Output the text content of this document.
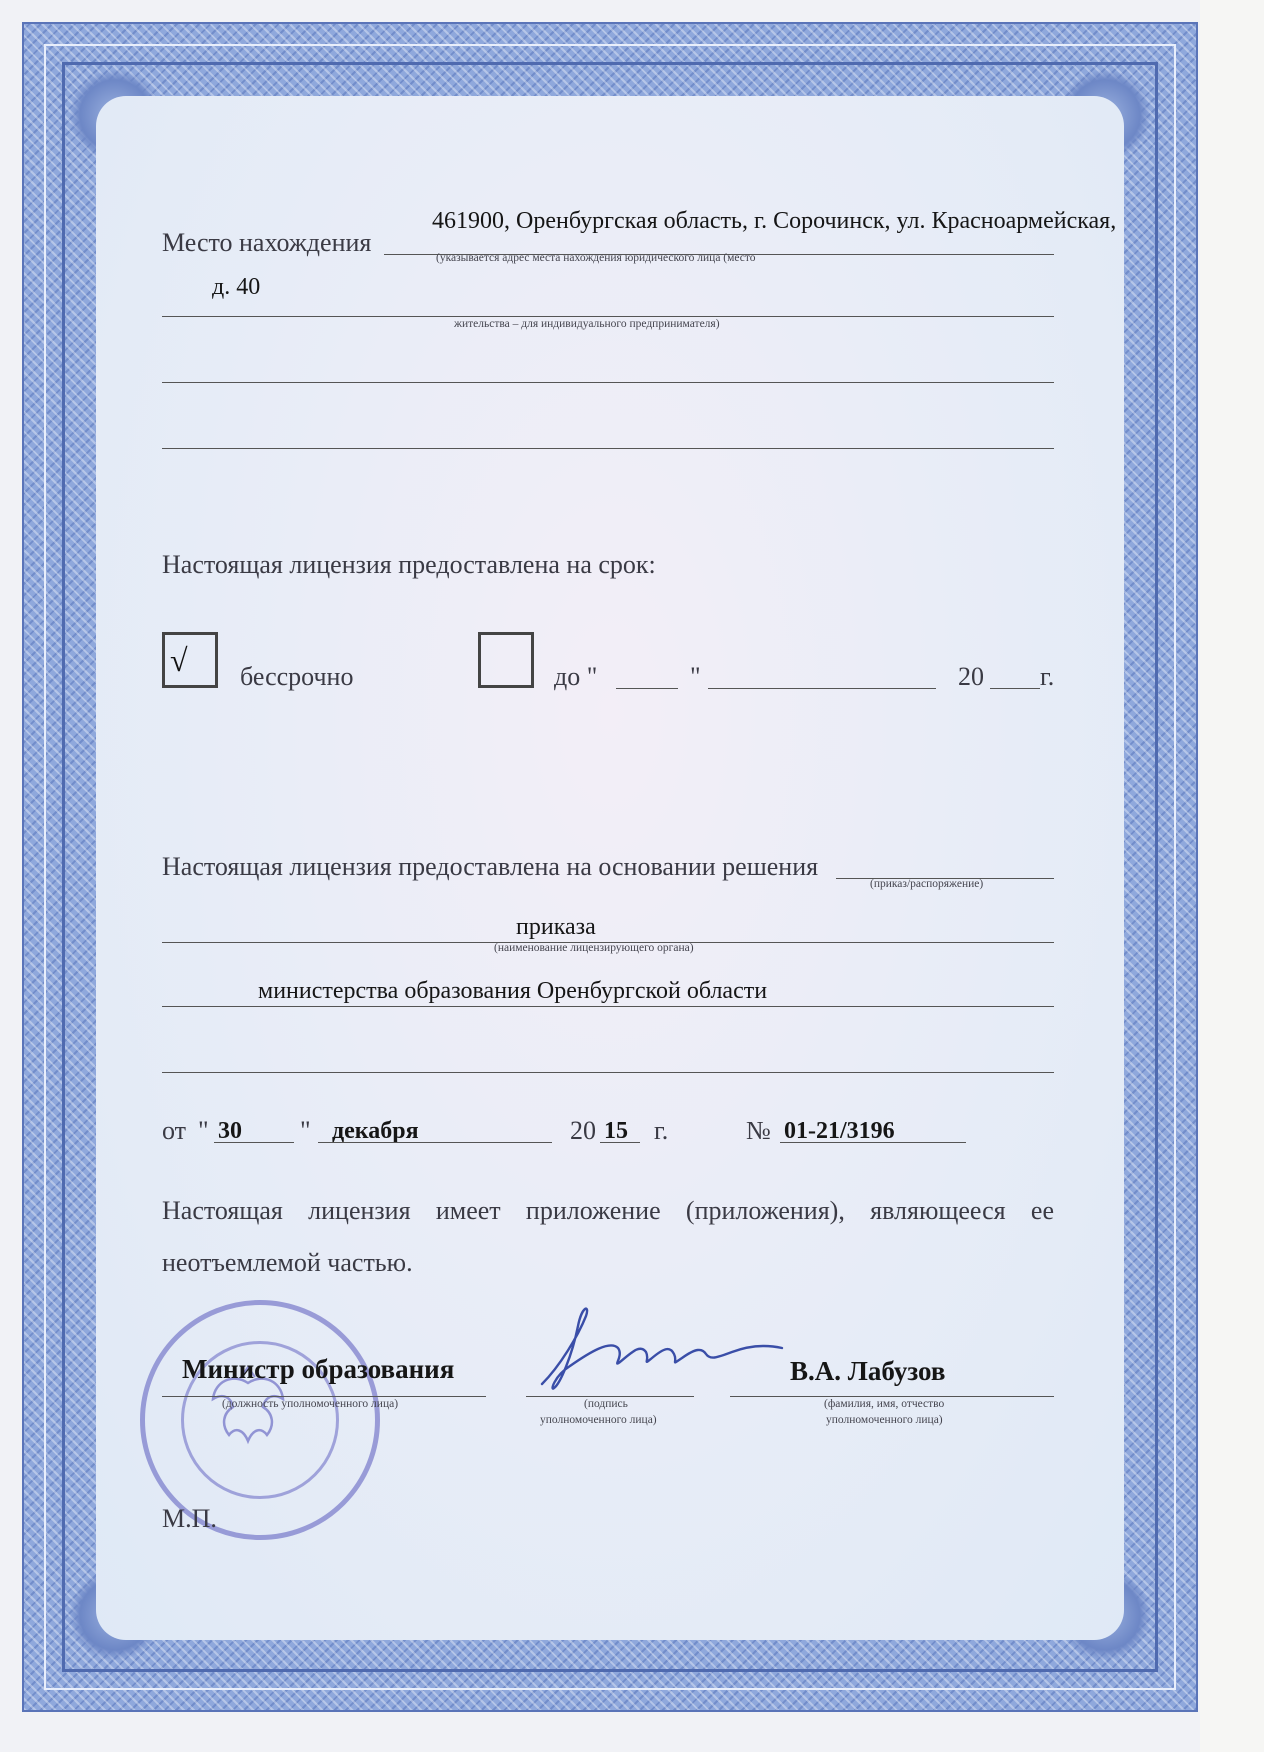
Место нахождения
461900, Оренбургская область, г. Сорочинск, ул. Красноармейская,
(указывается адрес места нахождения юридического лица (место
д. 40
жительства – для индивидуального предпринимателя)
Настоящая лицензия предоставлена на срок:
√ бессрочно	до "	"	20 г.
Настоящая лицензия предоставлена на основании решения
(приказ/распоряжение)
приказа
(наименование лицензирующего органа)
министерства образования Оренбургской области
от " 30 " декабря	20 15 г.	№ 01-21/3196
Настоящая лицензия имеет приложение (приложения), являющееся ее
неотъемлемой частью.
Министр образования
(должность уполномоченного лица)	(подпись
уполномоченного лица)
В.А. Лабузов
(фамилия, имя, отчество
уполномоченного лица)
М.П.
